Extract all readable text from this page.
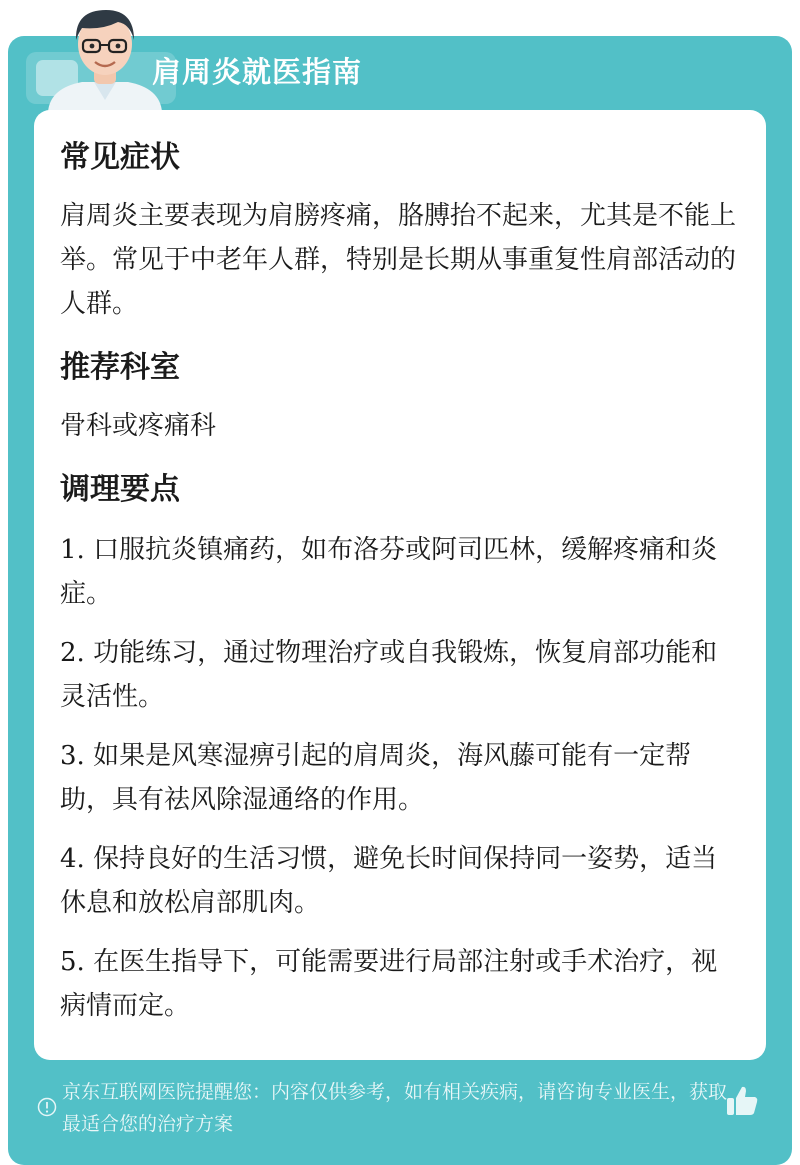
肩周炎就医指南
常见症状

肩周炎主要表现为肩膀疼痛，胳膊抬不起来，尤其是不能上举。常见于中老年人群，特别是长期从事重复性肩部活动的人群。

推荐科室

骨科或疼痛科

调理要点

1. 口服抗炎镇痛药，如布洛芬或阿司匹林，缓解疼痛和炎症。

2. 功能练习，通过物理治疗或自我锻炼，恢复肩部功能和灵活性。

3. 如果是风寒湿痹引起的肩周炎，海风藤可能有一定帮助，具有祛风除湿通络的作用。

4. 保持良好的生活习惯，避免长时间保持同一姿势，适当休息和放松肩部肌肉。

5. 在医生指导下，可能需要进行局部注射或手术治疗，视病情而定。

京东互联网医院提醒您：内容仅供参考，如有相关疾病，请咨询专业医生，获取最适合您的治疗方案
